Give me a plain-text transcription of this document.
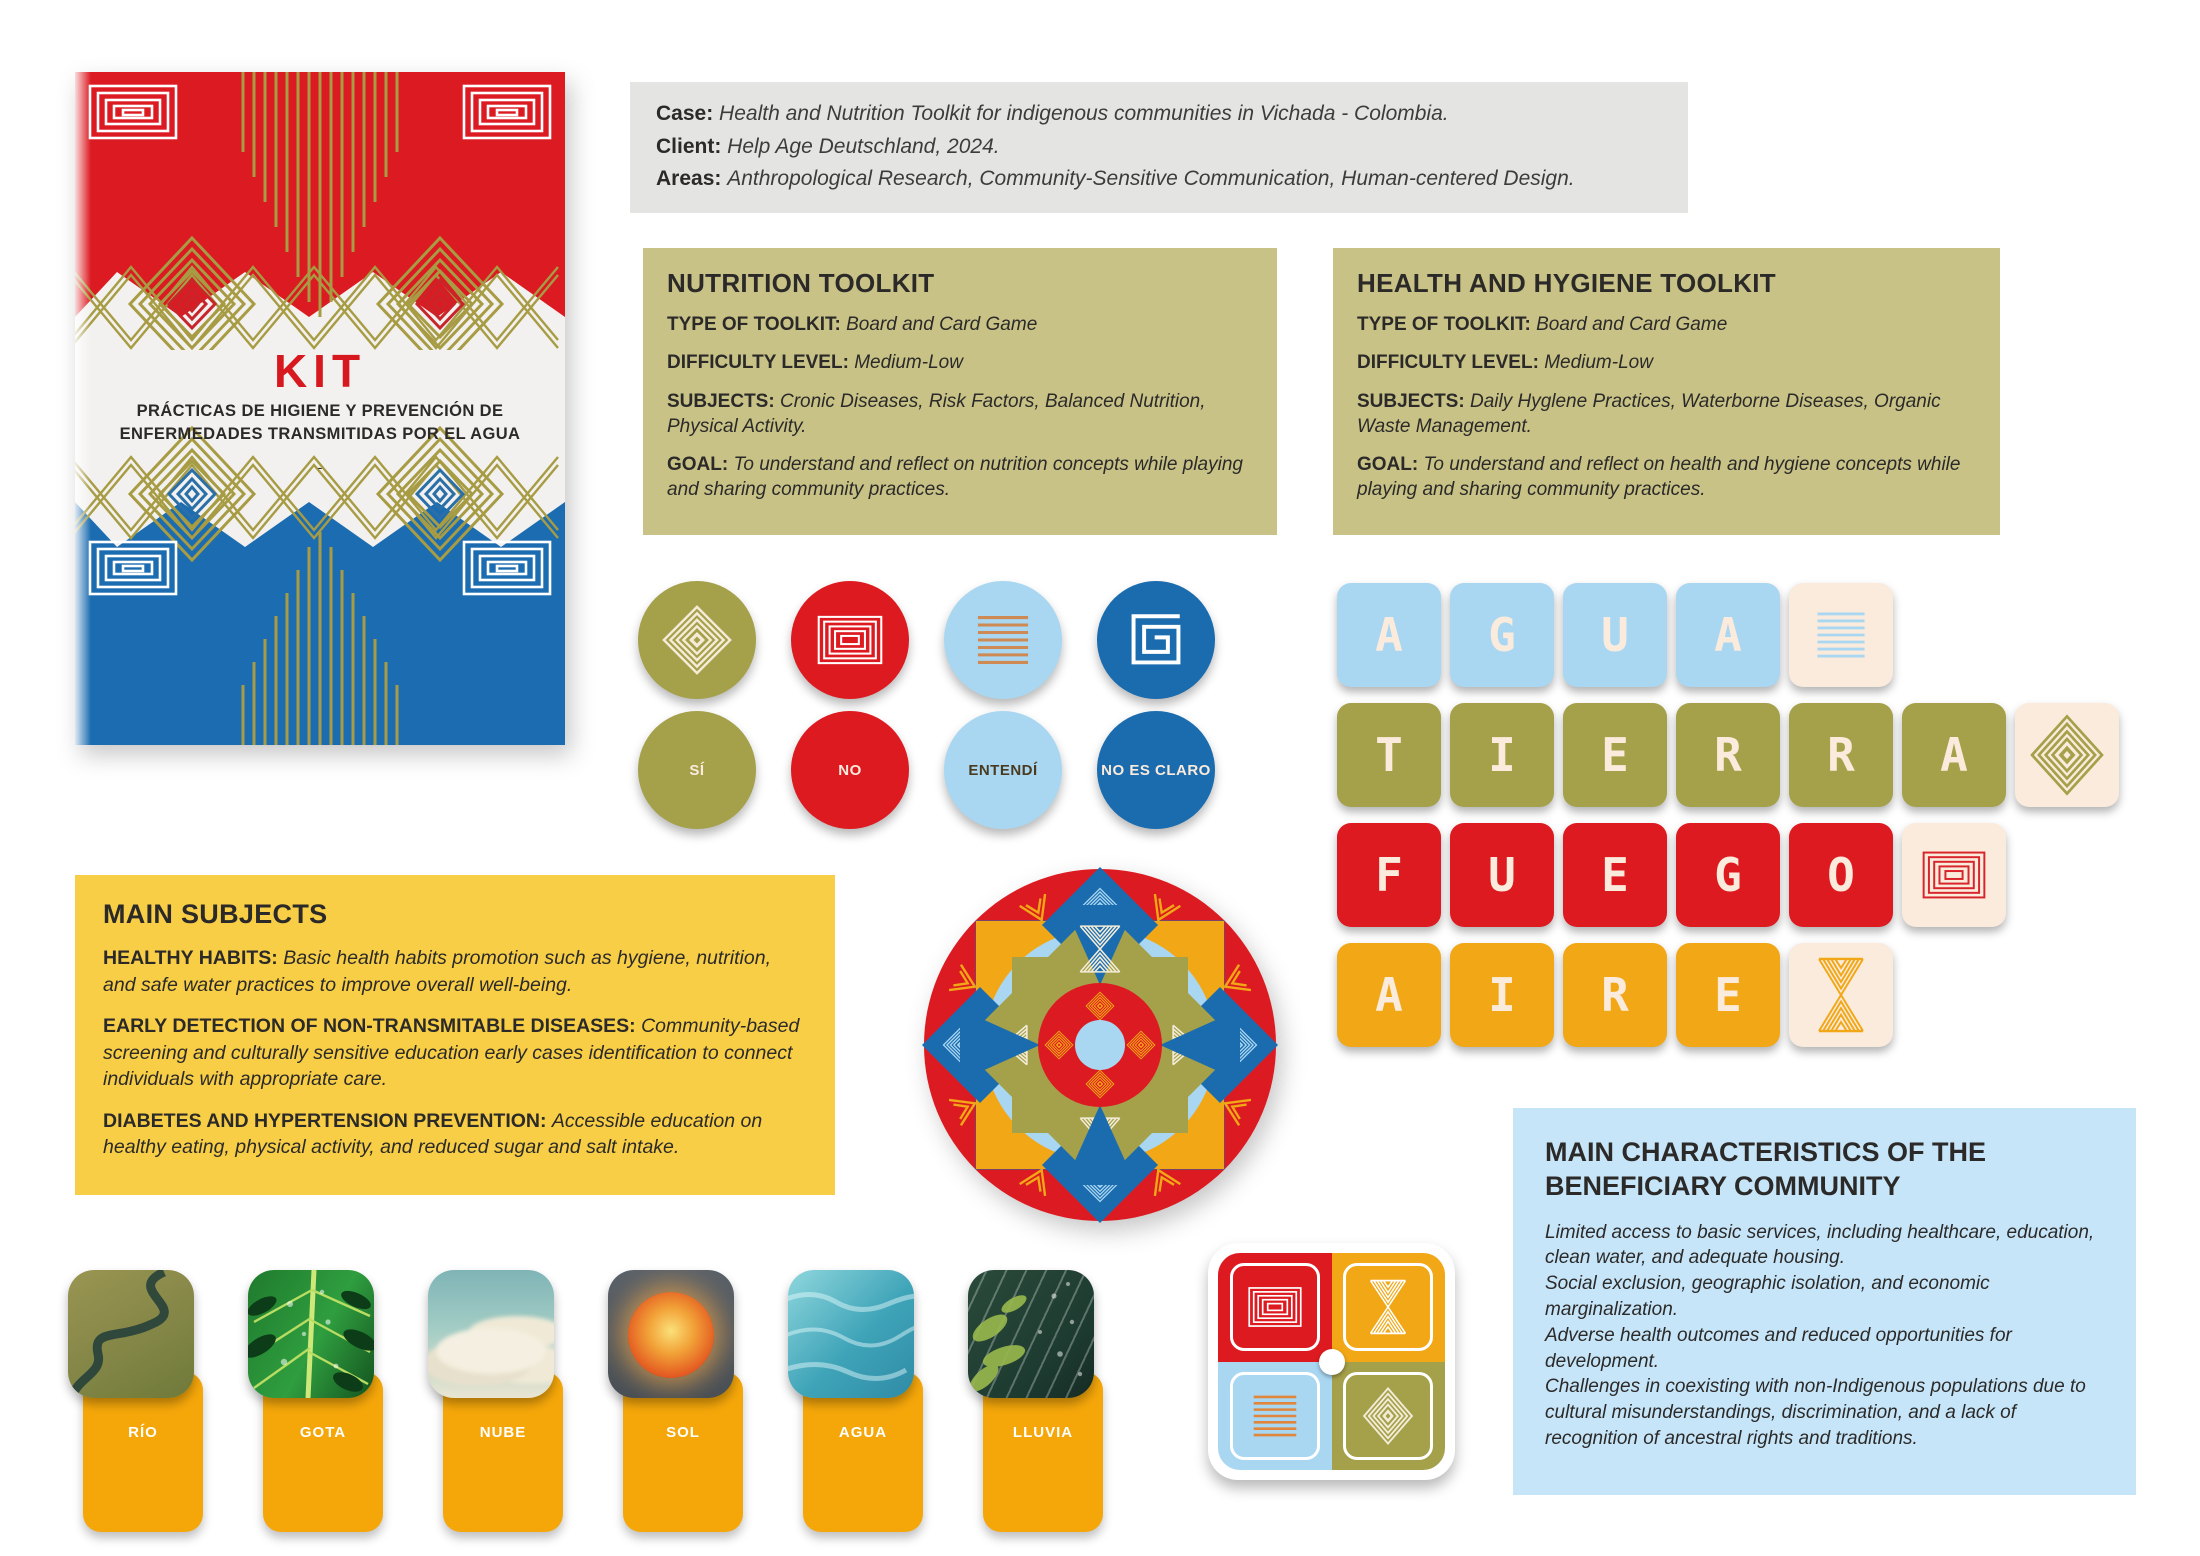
KIT
PRÁCTICAS DE HIGIENE Y PREVENCIÓN DE
ENFERMEDADES TRANSMITIDAS POR EL AGUA
-
Case: Health and Nutrition Toolkit for indigenous communities in Vichada - Colombia.
Client: Help Age Deutschland, 2024.
Areas: Anthropological Research, Community-Sensitive Communication, Human-centered Design.
NUTRITION TOOLKIT
TYPE OF TOOLKIT: Board and Card Game
DIFFICULTY LEVEL: Medium-Low
SUBJECTS: Cronic Diseases, Risk Factors, Balanced Nutrition, Physical Activity.
GOAL: To understand and reflect on nutrition concepts while playing and sharing community practices.
HEALTH AND HYGIENE TOOLKIT
TYPE OF TOOLKIT: Board and Card Game
DIFFICULTY LEVEL: Medium-Low
SUBJECTS: Daily Hyglene Practices, Waterborne Diseases, Organic Waste Management.
GOAL: To understand and reflect on health and hygiene concepts while playing and sharing community practices.
SÍ	NO	ENTENDÍ	NO ES CLARO
A	G	U	A
T	I	E	R	R	A
F	U	E	G	O
A	I	R	E
MAIN SUBJECTS
HEALTHY HABITS: Basic health habits promotion such as hygiene, nutrition, and safe water practices to improve overall well-being.
EARLY DETECTION OF NON-TRANSMITABLE DISEASES: Community-based screening and culturally sensitive education early cases identification to connect individuals with appropriate care.
DIABETES AND HYPERTENSION PREVENTION: Accessible education on healthy eating, physical activity, and reduced sugar and salt intake.
RÍO	GOTA	NUBE	SOL	AGUA	LLUVIA
MAIN CHARACTERISTICS OF THE
BENEFICIARY COMMUNITY
Limited access to basic services, including healthcare, education, clean water, and adequate housing.
Social exclusion, geographic isolation, and economic marginalization.
Adverse health outcomes and reduced opportunities for development.
Challenges in coexisting with non-Indigenous populations due to cultural misunderstandings, discrimination, and a lack of recognition of ancestral rights and traditions.
